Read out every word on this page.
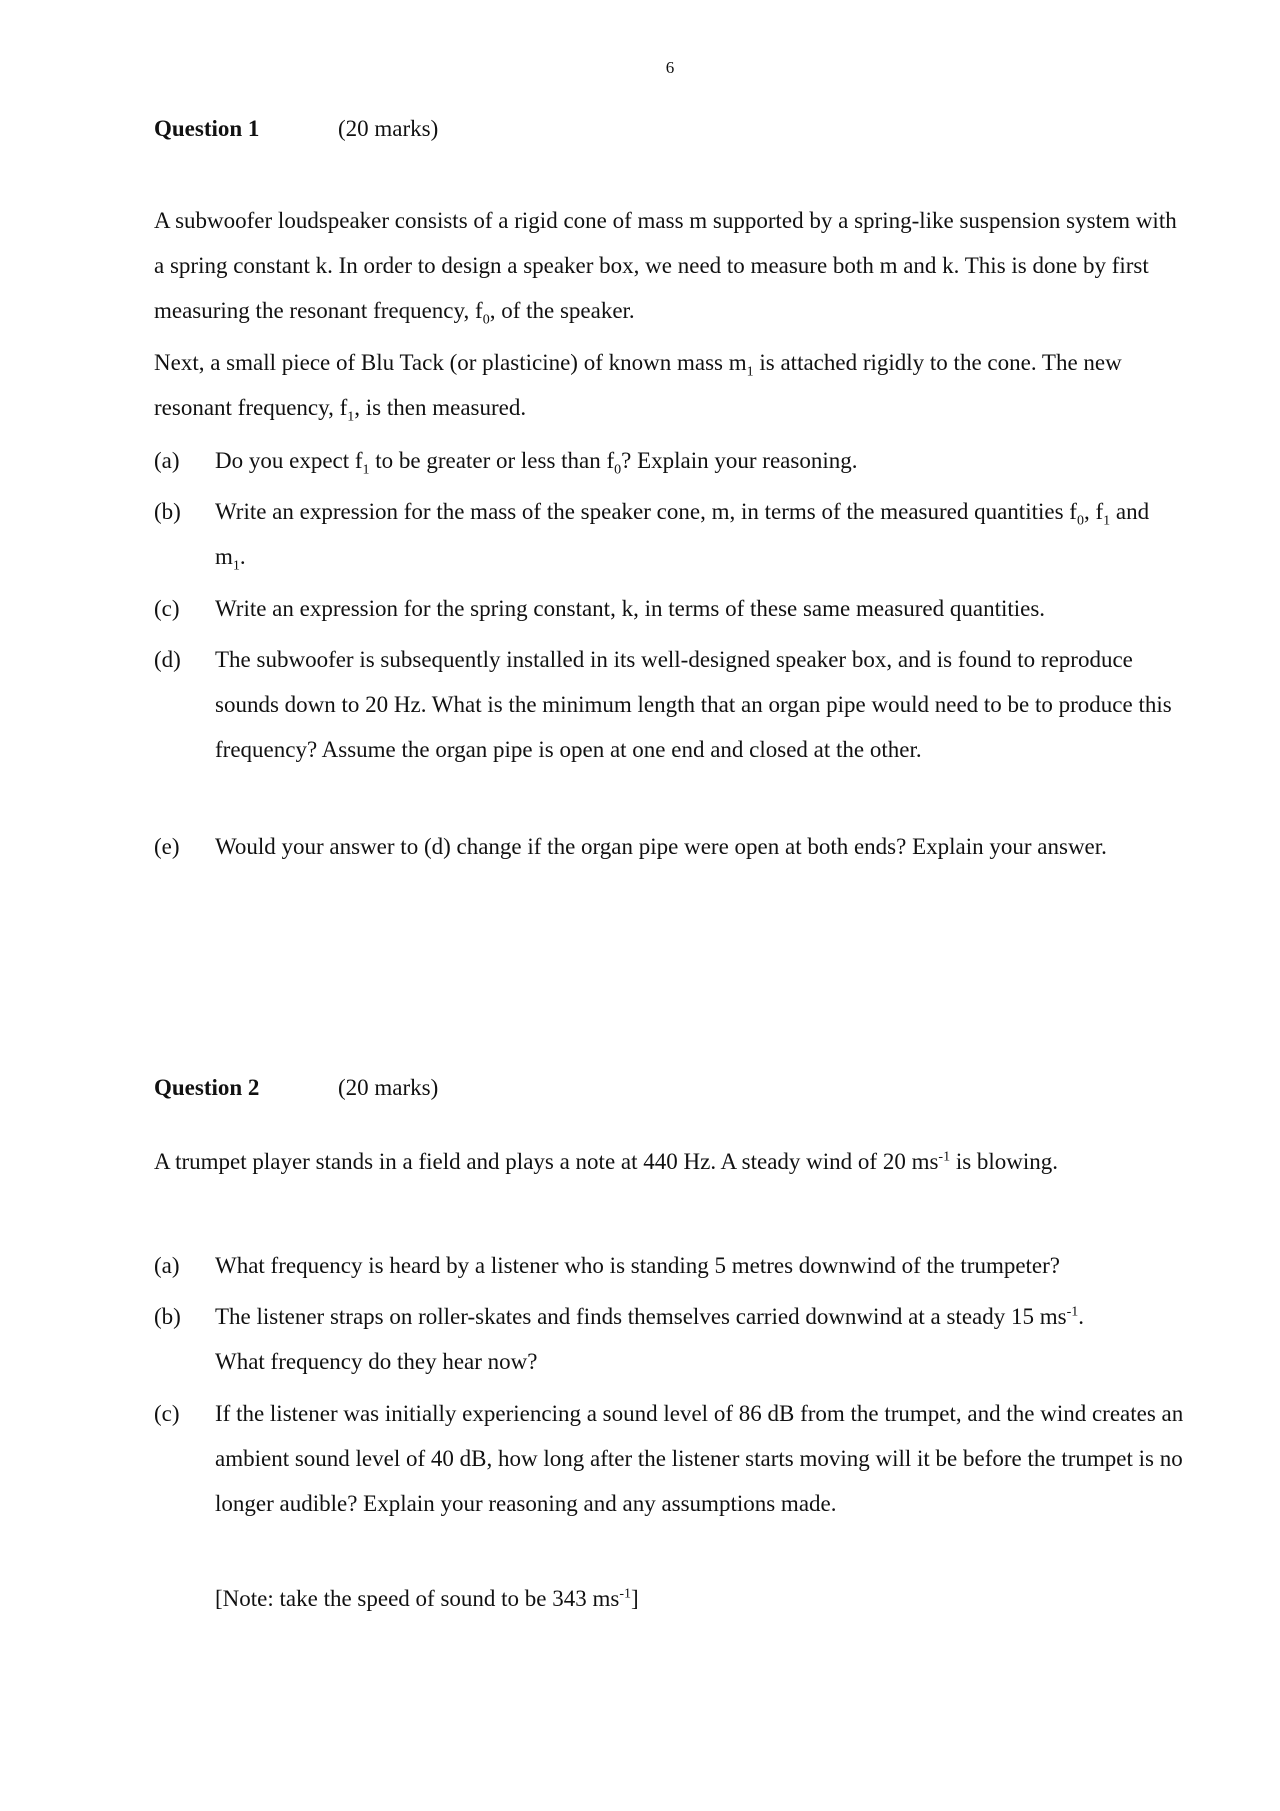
6
Question 1	(20 marks)

A subwoofer loudspeaker consists of a rigid cone of mass m supported by a spring-like suspension system with a spring constant k. In order to design a speaker box, we need to measure both m and k. This is done by first measuring the resonant frequency, $f_0$, of the speaker.

Next, a small piece of Blu Tack (or plasticine) of known mass $m_1$ is attached rigidly to the cone. The new resonant frequency, $f_1$, is then measured.

(a)	Do you expect $f_1$ to be greater or less than $f_0$? Explain your reasoning.
(b)	Write an expression for the mass of the speaker cone, m, in terms of the measured quantities $f_0$, $f_1$ and $m_1$.
(c)	Write an expression for the spring constant, k, in terms of these same measured quantities.
(d)	The subwoofer is subsequently installed in its well-designed speaker box, and is found to reproduce sounds down to 20 Hz. What is the minimum length that an organ pipe would need to be to produce this frequency? Assume the organ pipe is open at one end and closed at the other.
(e)	Would your answer to (d) change if the organ pipe were open at both ends? Explain your answer.
Question 2	(20 marks)

A trumpet player stands in a field and plays a note at 440 Hz. A steady wind of 20 $ms^{-1}$ is blowing.

(a)	What frequency is heard by a listener who is standing 5 metres downwind of the trumpeter?
(b)	The listener straps on roller-skates and finds themselves carried downwind at a steady 15 $ms^{-1}$. What frequency do they hear now?
(c)	If the listener was initially experiencing a sound level of 86 dB from the trumpet, and the wind creates an ambient sound level of 40 dB, how long after the listener starts moving will it be before the trumpet is no longer audible? Explain your reasoning and any assumptions made.
[Note: take the speed of sound to be 343 $ms^{-1}$]
